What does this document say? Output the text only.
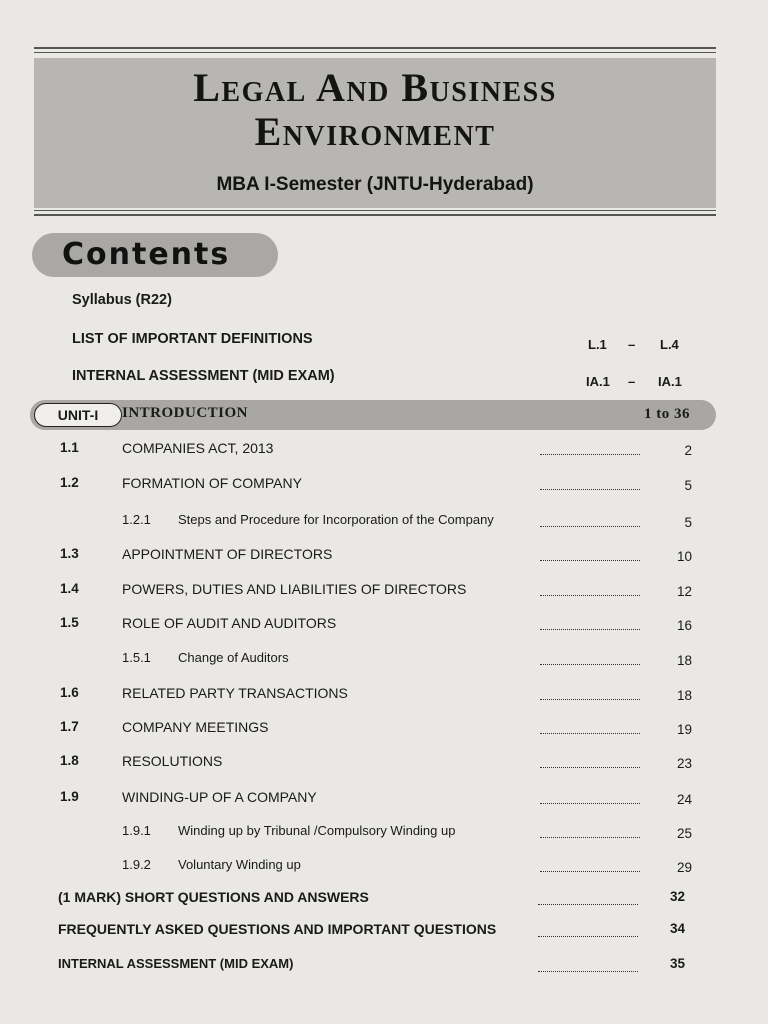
Legal And Business
Environment
MBA I-Semester (JNTU-Hyderabad)
Contents
Syllabus (R22)
LIST OF IMPORTANT DEFINITIONS	L.1 – L.4
INTERNAL ASSESSMENT (MID EXAM)	IA.1 – IA.1
UNIT-I	INTRODUCTION	1 to 36
1.1	COMPANIES ACT, 2013	2
1.2	FORMATION OF COMPANY	5
1.2.1 Steps and Procedure for Incorporation of the Company	5
1.3	APPOINTMENT OF DIRECTORS	10
1.4	POWERS, DUTIES AND LIABILITIES OF DIRECTORS	12
1.5	ROLE OF AUDIT AND AUDITORS	16
1.5.1 Change of Auditors	18
1.6	RELATED PARTY TRANSACTIONS	18
1.7	COMPANY MEETINGS	19
1.8	RESOLUTIONS	23
1.9	WINDING-UP OF A COMPANY	24
1.9.1 Winding up by Tribunal /Compulsory Winding up	25
1.9.2 Voluntary Winding up	29
(1 MARK) SHORT QUESTIONS AND ANSWERS	32
FREQUENTLY ASKED QUESTIONS AND IMPORTANT QUESTIONS	34
INTERNAL ASSESSMENT (MID EXAM)	35
